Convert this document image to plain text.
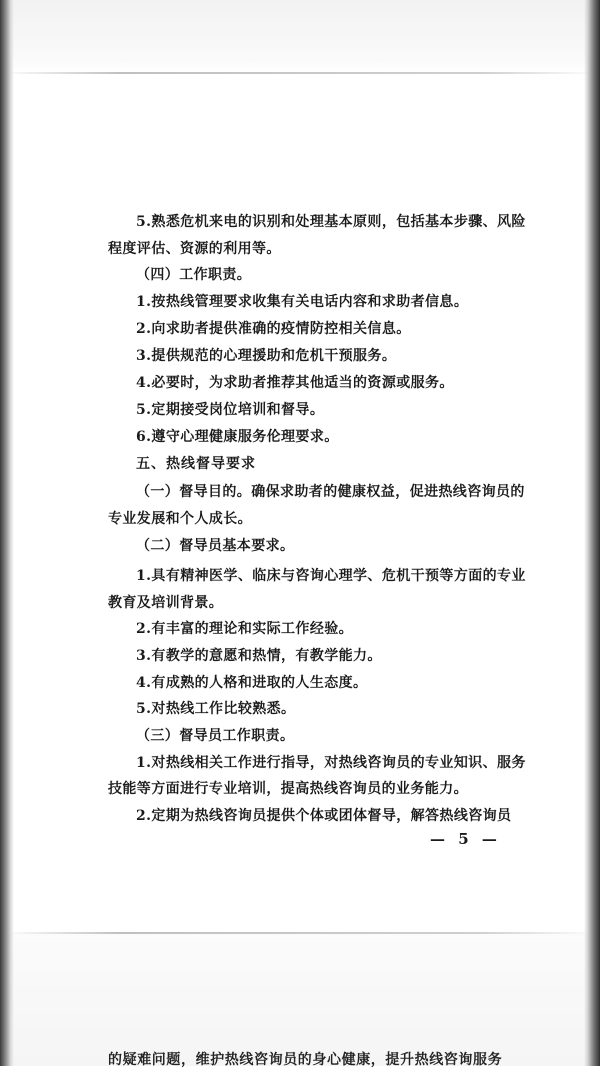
5.熟悉危机来电的识别和处理基本原则，包括基本步骤、风险
程度评估、资源的利用等。
（四）工作职责。
1.按热线管理要求收集有关电话内容和求助者信息。
2.向求助者提供准确的疫情防控相关信息。
3.提供规范的心理援助和危机干预服务。
4.必要时，为求助者推荐其他适当的资源或服务。
5.定期接受岗位培训和督导。
6.遵守心理健康服务伦理要求。
五、热线督导要求
（一）督导目的。确保求助者的健康权益，促进热线咨询员的
专业发展和个人成长。
（二）督导员基本要求。
1.具有精神医学、临床与咨询心理学、危机干预等方面的专业
教育及培训背景。
2.有丰富的理论和实际工作经验。
3.有教学的意愿和热情，有教学能力。
4.有成熟的人格和进取的人生态度。
5.对热线工作比较熟悉。
（三）督导员工作职责。
1.对热线相关工作进行指导，对热线咨询员的专业知识、服务
技能等方面进行专业培训，提高热线咨询员的业务能力。
2.定期为热线咨询员提供个体或团体督导，解答热线咨询员
— 5 —
的疑难问题，维护热线咨询员的身心健康，提升热线咨询服务
